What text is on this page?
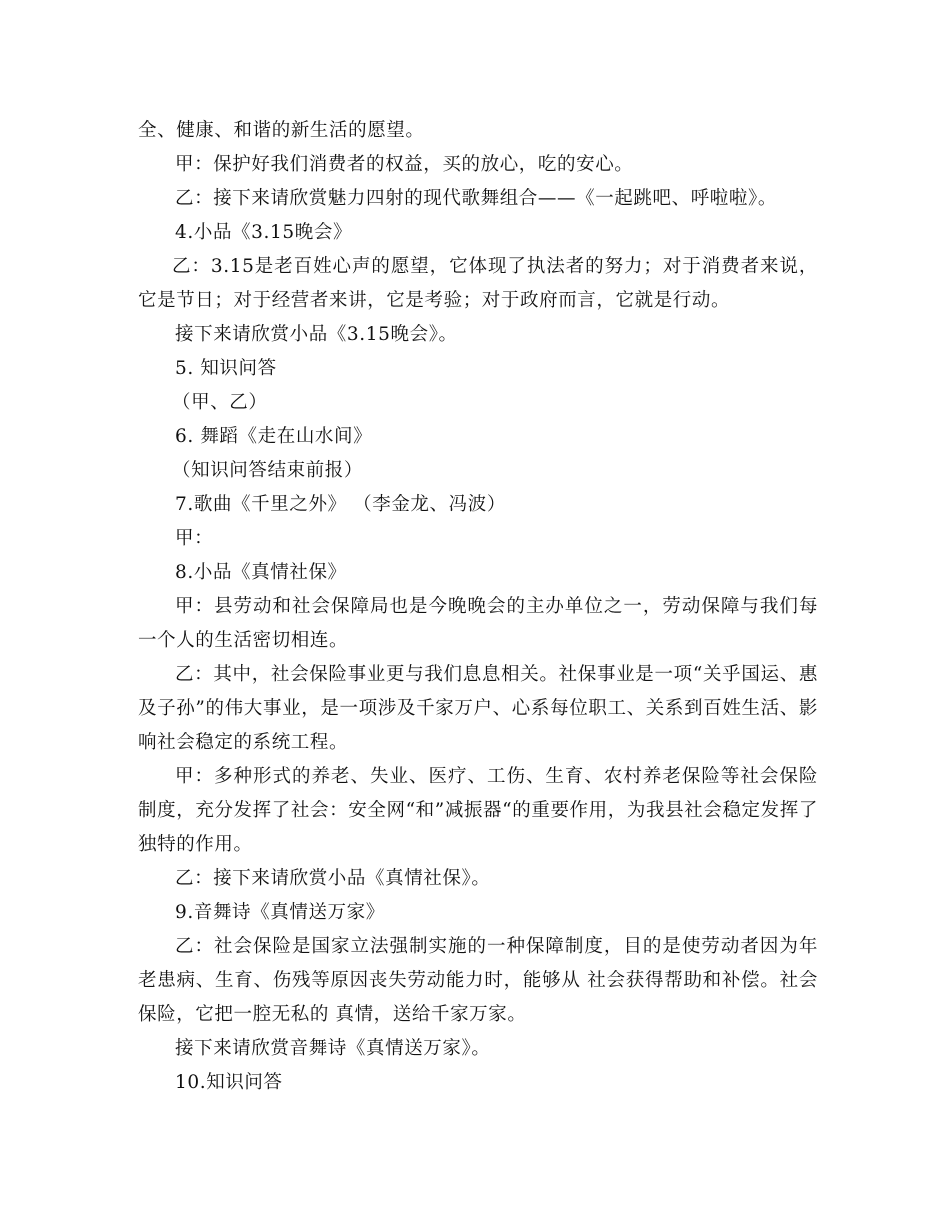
全、健康、和谐的新生活的愿望。

甲：保护好我们消费者的权益，买的放心，吃的安心。

乙：接下来请欣赏魅力四射的现代歌舞组合——《一起跳吧、呼啦啦》。

4.小品《3.15晚会》

乙：3.15是老百姓心声的愿望，它体现了执法者的努力；对于消费者来说，它是节日；对于经营者来讲，它是考验；对于政府而言，它就是行动。

接下来请欣赏小品《3.15晚会》。

5. 知识问答

（甲、乙）

6. 舞蹈《走在山水间》

（知识问答结束前报）

7.歌曲《千里之外》 （李金龙、冯波）

甲：

8.小品《真情社保》

甲：县劳动和社会保障局也是今晚晚会的主办单位之一，劳动保障与我们每一个人的生活密切相连。

乙：其中，社会保险事业更与我们息息相关。社保事业是一项“关乎国运、惠及子孙”的伟大事业，是一项涉及千家万户、心系每位职工、关系到百姓生活、影响社会稳定的系统工程。

甲：多种形式的养老、失业、医疗、工伤、生育、农村养老保险等社会保险制度，充分发挥了社会：安全网“和”减振器“的重要作用，为我县社会稳定发挥了独特的作用。

乙：接下来请欣赏小品《真情社保》。

9.音舞诗《真情送万家》

乙：社会保险是国家立法强制实施的一种保障制度，目的是使劳动者因为年老患病、生育、伤残等原因丧失劳动能力时，能够从 社会获得帮助和补偿。社会保险，它把一腔无私的 真情，送给千家万家。

接下来请欣赏音舞诗《真情送万家》。

10.知识问答
